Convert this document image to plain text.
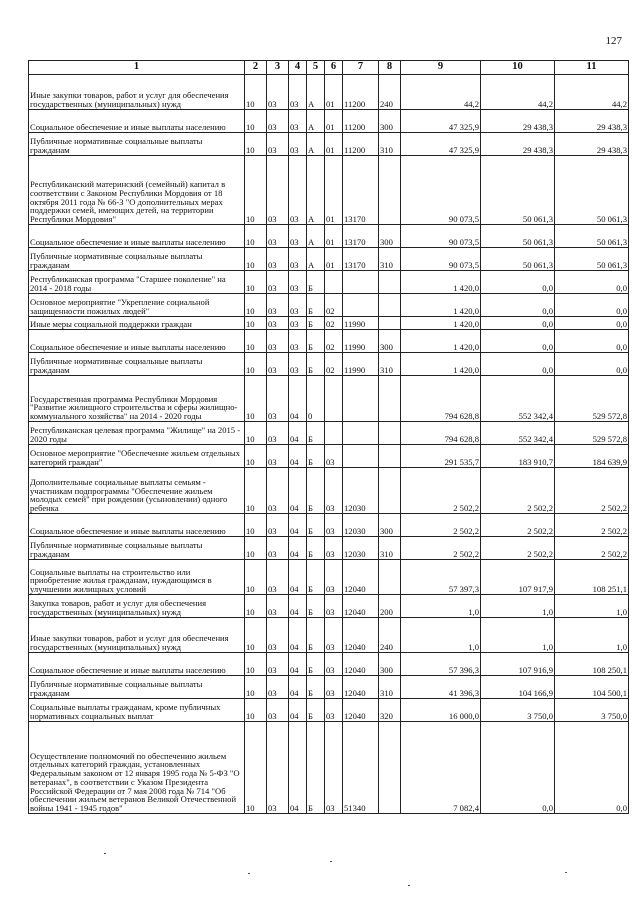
127
1	2	3	4	5	6	7	8	9	10	11
Иные закупки товаров, работ и услуг для обеспечения государственных (муниципальных) нужд	10	03	03	А	01	11200	240	44,2	44,2	44,2
Социальное обеспечение и иные выплаты населению	10	03	03	А	01	11200	300	47 325,9	29 438,3	29 438,3
Публичные нормативные социальные выплаты гражданам	10	03	03	А	01	11200	310	47 325,9	29 438,3	29 438,3
Республиканский материнский (семейный) капитал в соответствии с Законом Республики Мордовия от 18 октября 2011 года № 66-З "О дополнительных мерах поддержки семей, имеющих детей, на территории Республики Мордовия"	10	03	03	А	01	13170		90 073,5	50 061,3	50 061,3
Социальное обеспечение и иные выплаты населению	10	03	03	А	01	13170	300	90 073,5	50 061,3	50 061,3
Публичные нормативные социальные выплаты гражданам	10	03	03	А	01	13170	310	90 073,5	50 061,3	50 061,3
Республиканская программа "Старшее поколение" на 2014 - 2018 годы	10	03	03	Б				1 420,0	0,0	0,0
Основное мероприятие "Укрепление социальной защищенности пожилых людей"	10	03	03	Б	02			1 420,0	0,0	0,0
Иные меры социальной поддержки граждан	10	03	03	Б	02	11990		1 420,0	0,0	0,0
Социальное обеспечение и иные выплаты населению	10	03	03	Б	02	11990	300	1 420,0	0,0	0,0
Публичные нормативные социальные выплаты гражданам	10	03	03	Б	02	11990	310	1 420,0	0,0	0,0
Государственная программа Республики Мордовия "Развитие жилищного строительства и сферы жилищно-коммунального хозяйства" на 2014 - 2020 годы	10	03	04	0				794 628,8	552 342,4	529 572,8
Республиканская целевая программа "Жилище" на 2015 - 2020 годы	10	03	04	Б				794 628,8	552 342,4	529 572,8
Основное мероприятие "Обеспечение жильем отдельных категорий граждан"	10	03	04	Б	03			291 535,7	183 910,7	184 639,9
Дополнительные социальные выплаты семьям - участникам подпрограммы "Обеспечение жильем молодых семей" при рождении (усыновлении) одного ребенка	10	03	04	Б	03	12030		2 502,2	2 502,2	2 502,2
Социальное обеспечение и иные выплаты населению	10	03	04	Б	03	12030	300	2 502,2	2 502,2	2 502,2
Публичные нормативные социальные выплаты гражданам	10	03	04	Б	03	12030	310	2 502,2	2 502,2	2 502,2
Социальные выплаты на строительство или приобретение жилья гражданам, нуждающимся в улучшении жилищных условий	10	03	04	Б	03	12040		57 397,3	107 917,9	108 251,1
Закупка товаров, работ и услуг для обеспечения государственных (муниципальных) нужд	10	03	04	Б	03	12040	200	1,0	1,0	1,0
Иные закупки товаров, работ и услуг для обеспечения государственных (муниципальных) нужд	10	03	04	Б	03	12040	240	1,0	1,0	1,0
Социальное обеспечение и иные выплаты населению	10	03	04	Б	03	12040	300	57 396,3	107 916,9	108 250,1
Публичные нормативные социальные выплаты гражданам	10	03	04	Б	03	12040	310	41 396,3	104 166,9	104 500,1
Социальные выплаты гражданам, кроме публичных нормативных социальных выплат	10	03	04	Б	03	12040	320	16 000,0	3 750,0	3 750,0
Осуществление полномочий по обеспечению жильем отдельных категорий граждан, установленных Федеральным законом от 12 января 1995 года № 5-ФЗ "О ветеранах", в соответствии с Указом Президента Российской Федерации от 7 мая 2008 года № 714 "Об обеспечении жильем ветеранов Великой Отечественной войны 1941 - 1945 годов"	10	03	04	Б	03	51340		7 082,4	0,0	0,0
